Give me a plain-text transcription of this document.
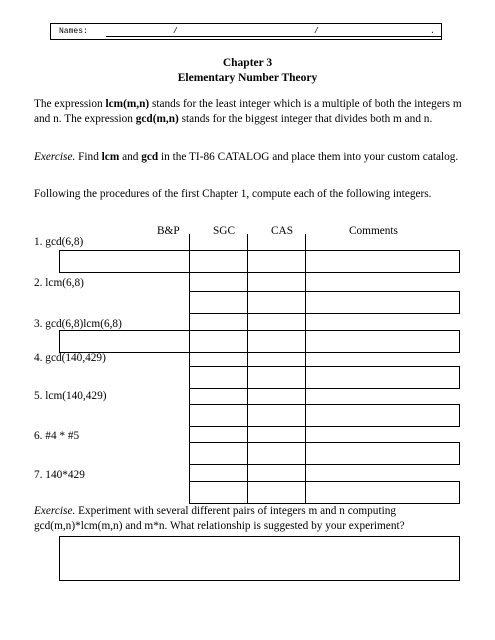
Names:	/	/	.
Chapter 3
Elementary Number Theory
The expression lcm(m,n) stands for the least integer which is a multiple of both the integers m and n. The expression gcd(m,n) stands for the biggest integer that divides both m and n.
Exercise. Find lcm and gcd in the TI-86 CATALOG and place them into your custom catalog.
Following the procedures of the first Chapter 1, compute each of the following integers.
B&P	SGC	CAS	Comments
1. gcd(6,8)
2. lcm(6,8)
3. gcd(6,8)lcm(6,8)
4. gcd(140,429)
5. lcm(140,429)
6. #4 * #5
7. 140*429
Exercise. Experiment with several different pairs of integers m and n computing gcd(m,n)*lcm(m,n) and m*n. What relationship is suggested by your experiment?
